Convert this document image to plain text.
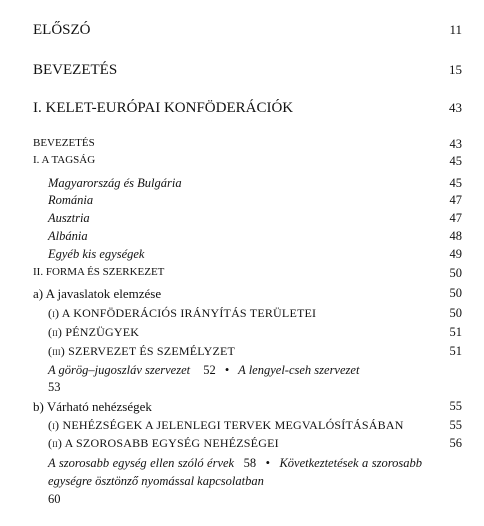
ELŐSZÓ	11
BEVEZETÉS	15
I. KELET-EURÓPAI KONFÖDERÁCIÓK	43
BEVEZETÉS	43
I. A TAGSÁG	45
Magyarország és Bulgária	45
Románia	47
Ausztria	47
Albánia	48
Egyéb kis egységek	49
II. FORMA ÉS SZERKEZET	50
a) A javaslatok elemzése	50
(i) A KONFÖDERÁCIÓS IRÁNYÍTÁS TERÜLETEI	50
(ii) PÉNZÜGYEK	51
(iii) SZERVEZET ÉS SZEMÉLYZET	51
A görög–jugoszláv szervezet 52 • A lengyel-cseh szervezet
53
b) Várható nehézségek	55
(i) NEHÉZSÉGEK A JELENLEGI TERVEK MEGVALÓSÍTÁSÁBAN	55
(ii) A SZOROSABB EGYSÉG NEHÉZSÉGEI	56
A szorosabb egység ellen szóló érvek 58 • Következtetések a szorosabb egységre ösztönző nyomással kapcsolatban
60
